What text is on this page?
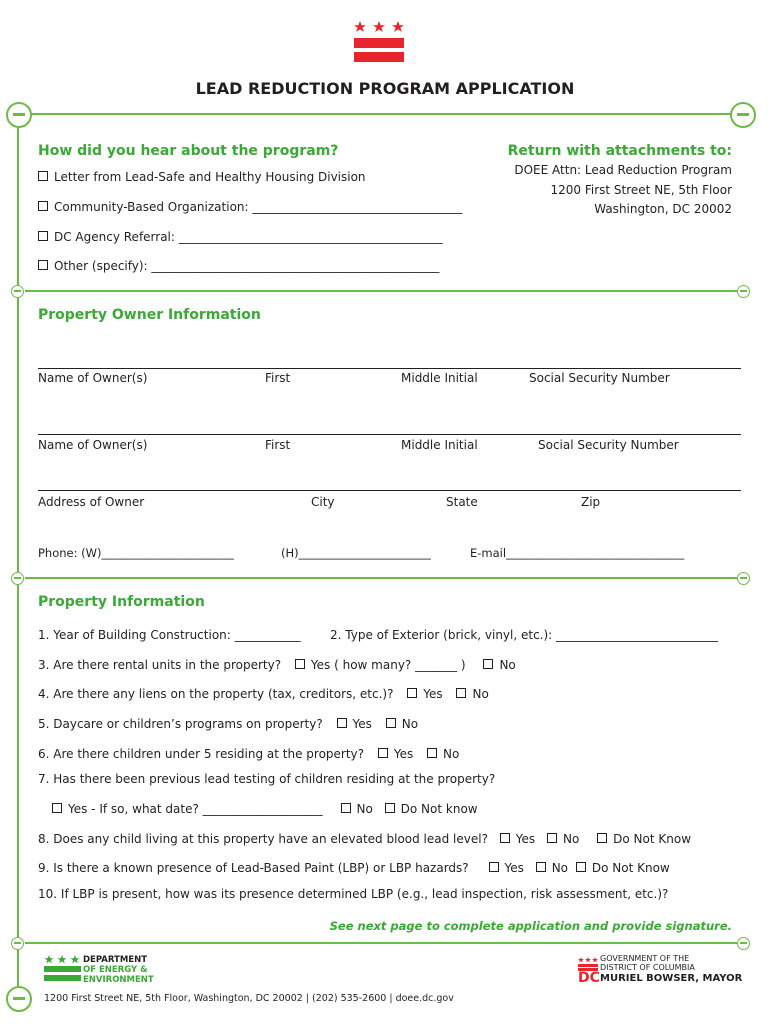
LEAD REDUCTION PROGRAM APPLICATION
How did you hear about the program?
Letter from Lead-Safe and Healthy Housing Division
Community-Based Organization: ___________________________________
DC Agency Referral: ____________________________________________
Other (specify): ________________________________________________
Return with attachments to:
DOEE Attn: Lead Reduction Program
1200 First Street NE, 5th Floor
Washington, DC 20002
Property Owner Information
Name of Owner(s)	First	Middle Initial	Social Security Number
Name of Owner(s)	First	Middle Initial	Social Security Number
Address of Owner	City	State	Zip
Phone: (W)_______________________	(H)_______________________	E-mail_______________________________
Property Information
1. Year of Building Construction: ___________ 2. Type of Exterior (brick, vinyl, etc.): ___________________________
3. Are there rental units in the property? Yes ( how many? _______ )	No
4. Are there any liens on the property (tax, creditors, etc.)? Yes No
5. Daycare or children’s programs on property? Yes No
6. Are there children under 5 residing at the property? Yes No
7. Has there been previous lead testing of children residing at the property?
Yes - If so, what date? ____________________	No Do Not know
8. Does any child living at this property have an elevated blood lead level? Yes No	Do Not Know
9. Is there a known presence of Lead-Based Paint (LBP) or LBP hazards?	Yes No Do Not Know
10. If LBP is present, how was its presence determined LBP (e.g., lead inspection, risk assessment, etc.)?
See next page to complete application and provide signature.
DEPARTMENT
OF ENERGY &
ENVIRONMENT	DC
GOVERNMENT OF THE
DISTRICT OF COLUMBIA
MURIEL BOWSER, MAYOR
1200 First Street NE, 5th Floor, Washington, DC 20002 | (202) 535-2600 | doee.dc.gov
